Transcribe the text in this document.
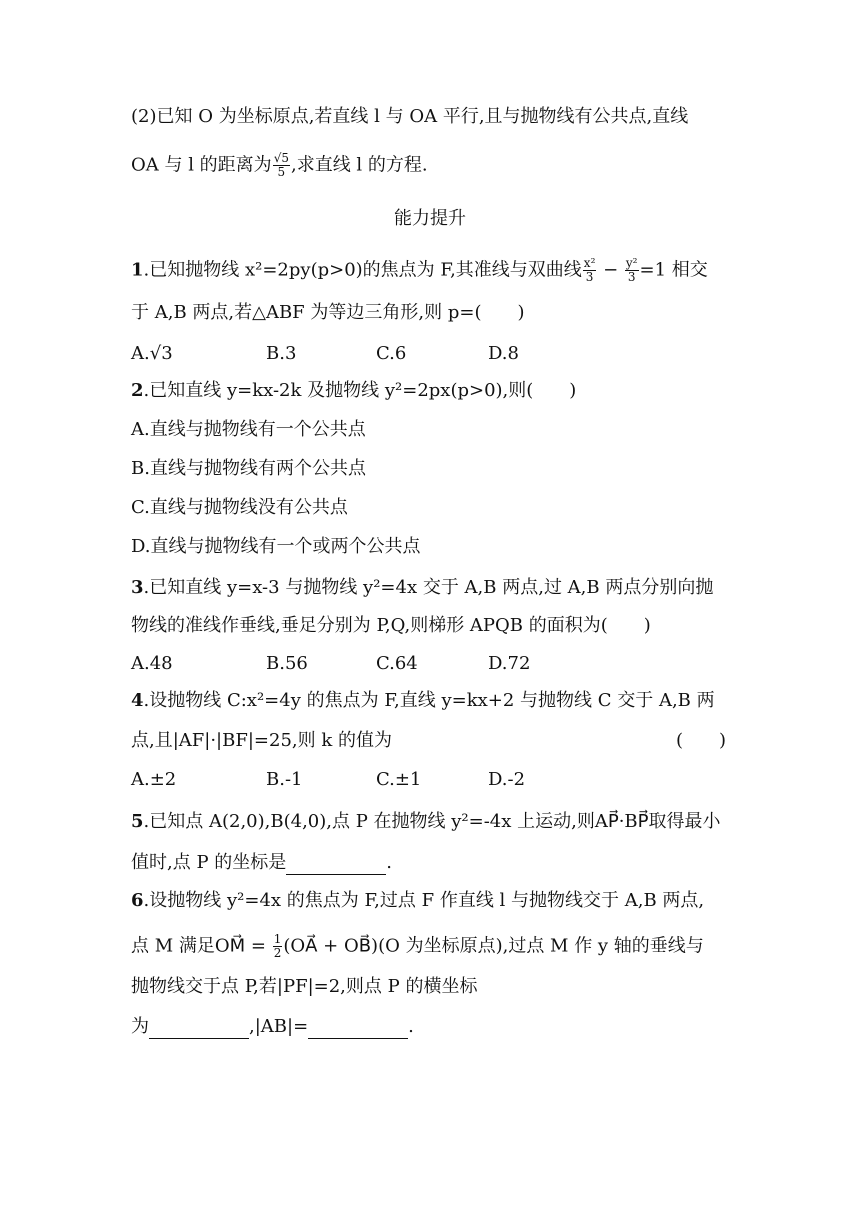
(2)已知 O 为坐标原点,若直线 l 与 OA 平行,且与抛物线有公共点,直线
OA 与 l 的距离为 $\frac{√5}{5}$ ,求直线 l 的方程.
能力提升
1.已知抛物线 x²=2py(p>0)的焦点为 F,其准线与双曲线 $\frac{\text{x²}}{3} - \frac{\text{y²}}{3} =1$ 相交
于 A,B 两点,若△ABF 为等边三角形,则 p=(　　)
A.√3	B.3	C.6	D.8
2.已知直线 y=kx-2k 及抛物线 y²=2px(p>0),则(　　)
A.直线与抛物线有一个公共点
B.直线与抛物线有两个公共点
C.直线与抛物线没有公共点
D.直线与抛物线有一个或两个公共点
3.已知直线 y=x-3 与抛物线 y²=4x 交于 A,B 两点,过 A,B 两点分别向抛
物线的准线作垂线,垂足分别为 P,Q,则梯形 APQB 的面积为(　　)
A.48	B.56	C.64	D.72
4.设抛物线 C:x²=4y 的焦点为 F,直线 y=kx+2 与抛物线 C 交于 A,B 两
点,且|AF|·|BF|=25,则 k 的值为	(　　)
A.±2	B.-1	C.±1	D.-2
5.已知点 A(2,0),B(4,0),点 P 在抛物线 y²=-4x 上运动,则AP⃗·BP⃗取得最小
值时,点 P 的坐标是	.
6.设抛物线 y²=4x 的焦点为 F,过点 F 作直线 l 与抛物线交于 A,B 两点,
点 M 满足OM⃗ = $\frac{1}{2}$ (OA⃗ + OB⃗)(O 为坐标原点),过点 M 作 y 轴的垂线与
抛物线交于点 P,若|PF|=2,则点 P 的横坐标
为	,|AB|=	.
